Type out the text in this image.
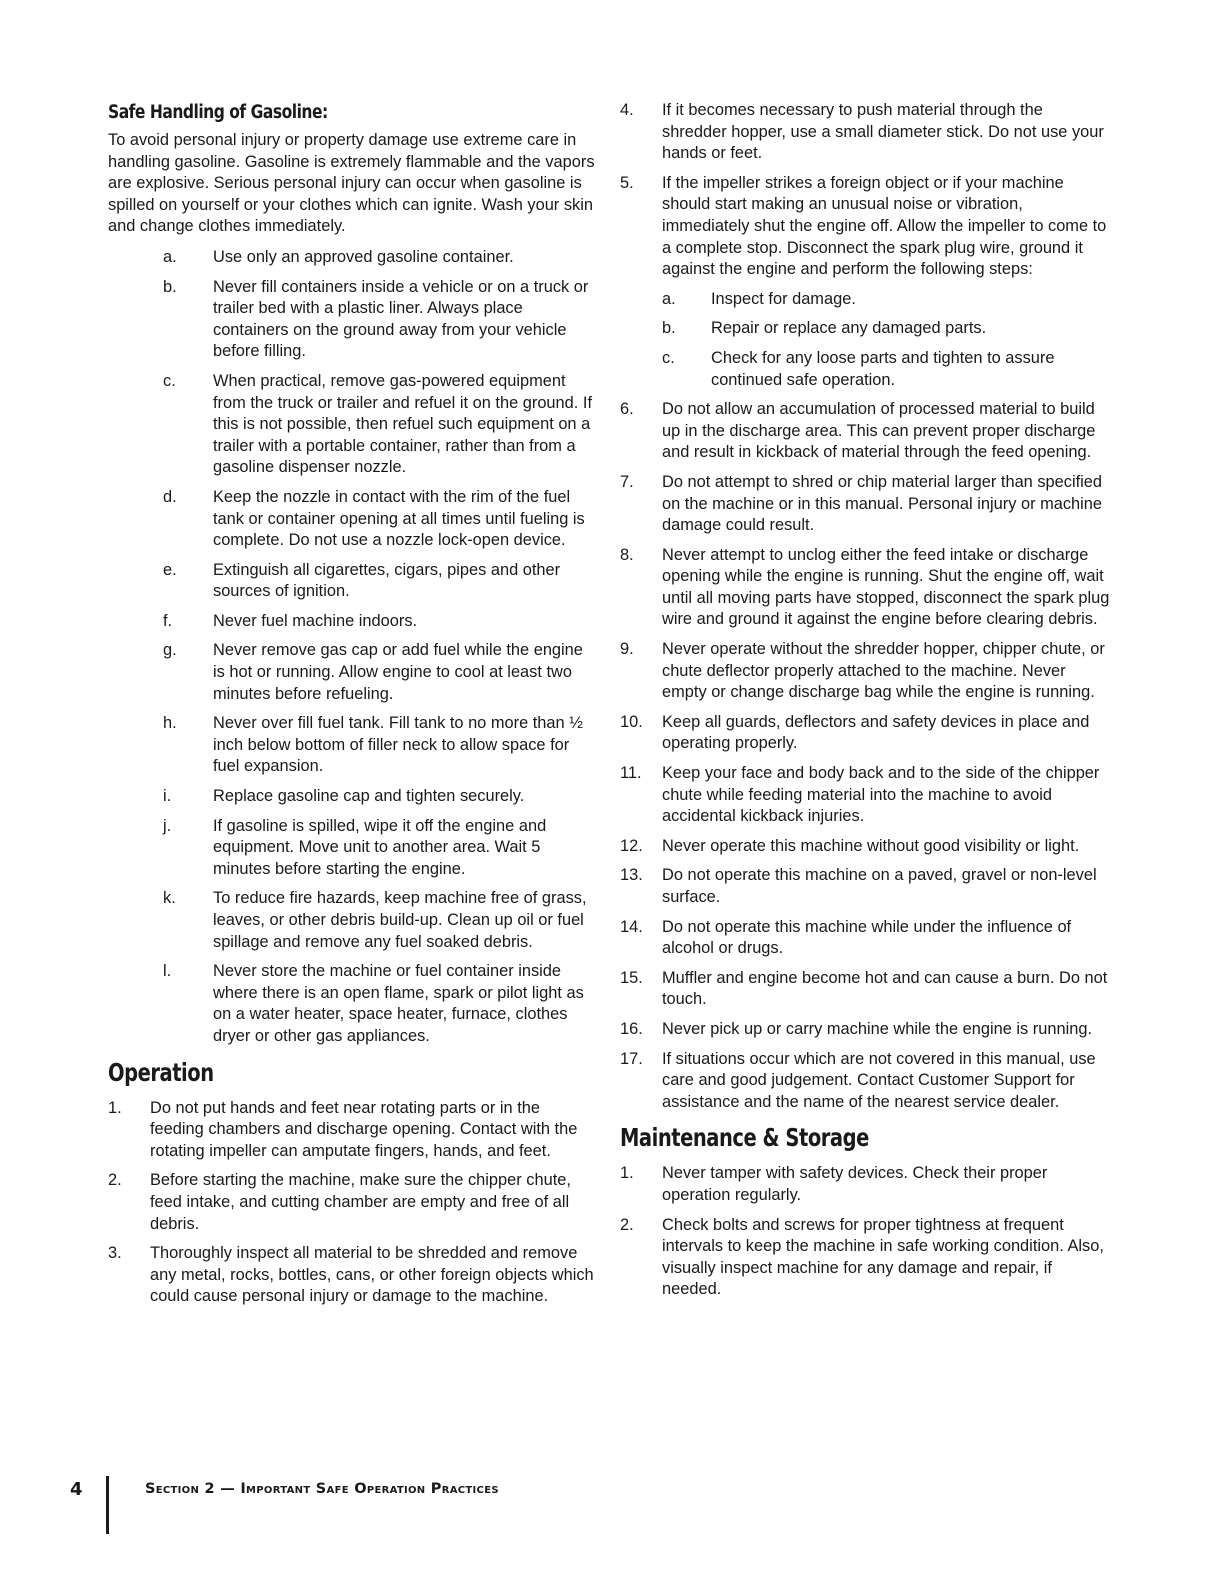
Safe Handling of Gasoline:

To avoid personal injury or property damage use extreme care in handling gasoline. Gasoline is extremely flammable and the vapors are explosive. Serious personal injury can occur when gasoline is spilled on yourself or your clothes which can ignite. Wash your skin and change clothes immediately.

a.	Use only an approved gasoline container.
b.	Never fill containers inside a vehicle or on a truck or trailer bed with a plastic liner. Always place containers on the ground away from your vehicle before filling.
c.	When practical, remove gas-powered equipment from the truck or trailer and refuel it on the ground. If this is not possible, then refuel such equipment on a trailer with a portable container, rather than from a gasoline dispenser nozzle.
d.	Keep the nozzle in contact with the rim of the fuel tank or container opening at all times until fueling is complete. Do not use a nozzle lock-open device.
e.	Extinguish all cigarettes, cigars, pipes and other sources of ignition.
f.	Never fuel machine indoors.
g.	Never remove gas cap or add fuel while the engine is hot or running. Allow engine to cool at least two minutes before refueling.
h.	Never over fill fuel tank. Fill tank to no more than ½ inch below bottom of filler neck to allow space for fuel expansion.
i.	Replace gasoline cap and tighten securely.
j.	If gasoline is spilled, wipe it off the engine and equipment. Move unit to another area. Wait 5 minutes before starting the engine.
k.	To reduce fire hazards, keep machine free of grass, leaves, or other debris build-up. Clean up oil or fuel spillage and remove any fuel soaked debris.
l.	Never store the machine or fuel container inside where there is an open flame, spark or pilot light as on a water heater, space heater, furnace, clothes dryer or other gas appliances.
Operation
1.	Do not put hands and feet near rotating parts or in the feeding chambers and discharge opening. Contact with the rotating impeller can amputate fingers, hands, and feet.
2.	Before starting the machine, make sure the chipper chute, feed intake, and cutting chamber are empty and free of all debris.
3.	Thoroughly inspect all material to be shredded and remove any metal, rocks, bottles, cans, or other foreign objects which could cause personal injury or damage to the machine.
4.	If it becomes necessary to push material through the shredder hopper, use a small diameter stick. Do not use your hands or feet.
5.	If the impeller strikes a foreign object or if your machine should start making an unusual noise or vibration, immediately shut the engine off. Allow the impeller to come to a complete stop. Disconnect the spark plug wire, ground it against the engine and perform the following steps:
a.	Inspect for damage.
b.	Repair or replace any damaged parts.
c.	Check for any loose parts and tighten to assure continued safe operation.
6.	Do not allow an accumulation of processed material to build up in the discharge area. This can prevent proper discharge and result in kickback of material through the feed opening.
7.	Do not attempt to shred or chip material larger than specified on the machine or in this manual. Personal injury or machine damage could result.
8.	Never attempt to unclog either the feed intake or discharge opening while the engine is running. Shut the engine off, wait until all moving parts have stopped, disconnect the spark plug wire and ground it against the engine before clearing debris.
9.	Never operate without the shredder hopper, chipper chute, or chute deflector properly attached to the machine. Never empty or change discharge bag while the engine is running.
10.	Keep all guards, deflectors and safety devices in place and operating properly.
11.	Keep your face and body back and to the side of the chipper chute while feeding material into the machine to avoid accidental kickback injuries.
12.	Never operate this machine without good visibility or light.
13.	Do not operate this machine on a paved, gravel or non-level surface.
14.	Do not operate this machine while under the influence of alcohol or drugs.
15.	Muffler and engine become hot and can cause a burn. Do not touch.
16.	Never pick up or carry machine while the engine is running.
17.	If situations occur which are not covered in this manual, use care and good judgement. Contact Customer Support for assistance and the name of the nearest service dealer.
Maintenance & Storage
1.	Never tamper with safety devices. Check their proper operation regularly.
2.	Check bolts and screws for proper tightness at frequent intervals to keep the machine in safe working condition. Also, visually inspect machine for any damage and repair, if needed.
4	Section 2 — Important Safe Operation Practices
